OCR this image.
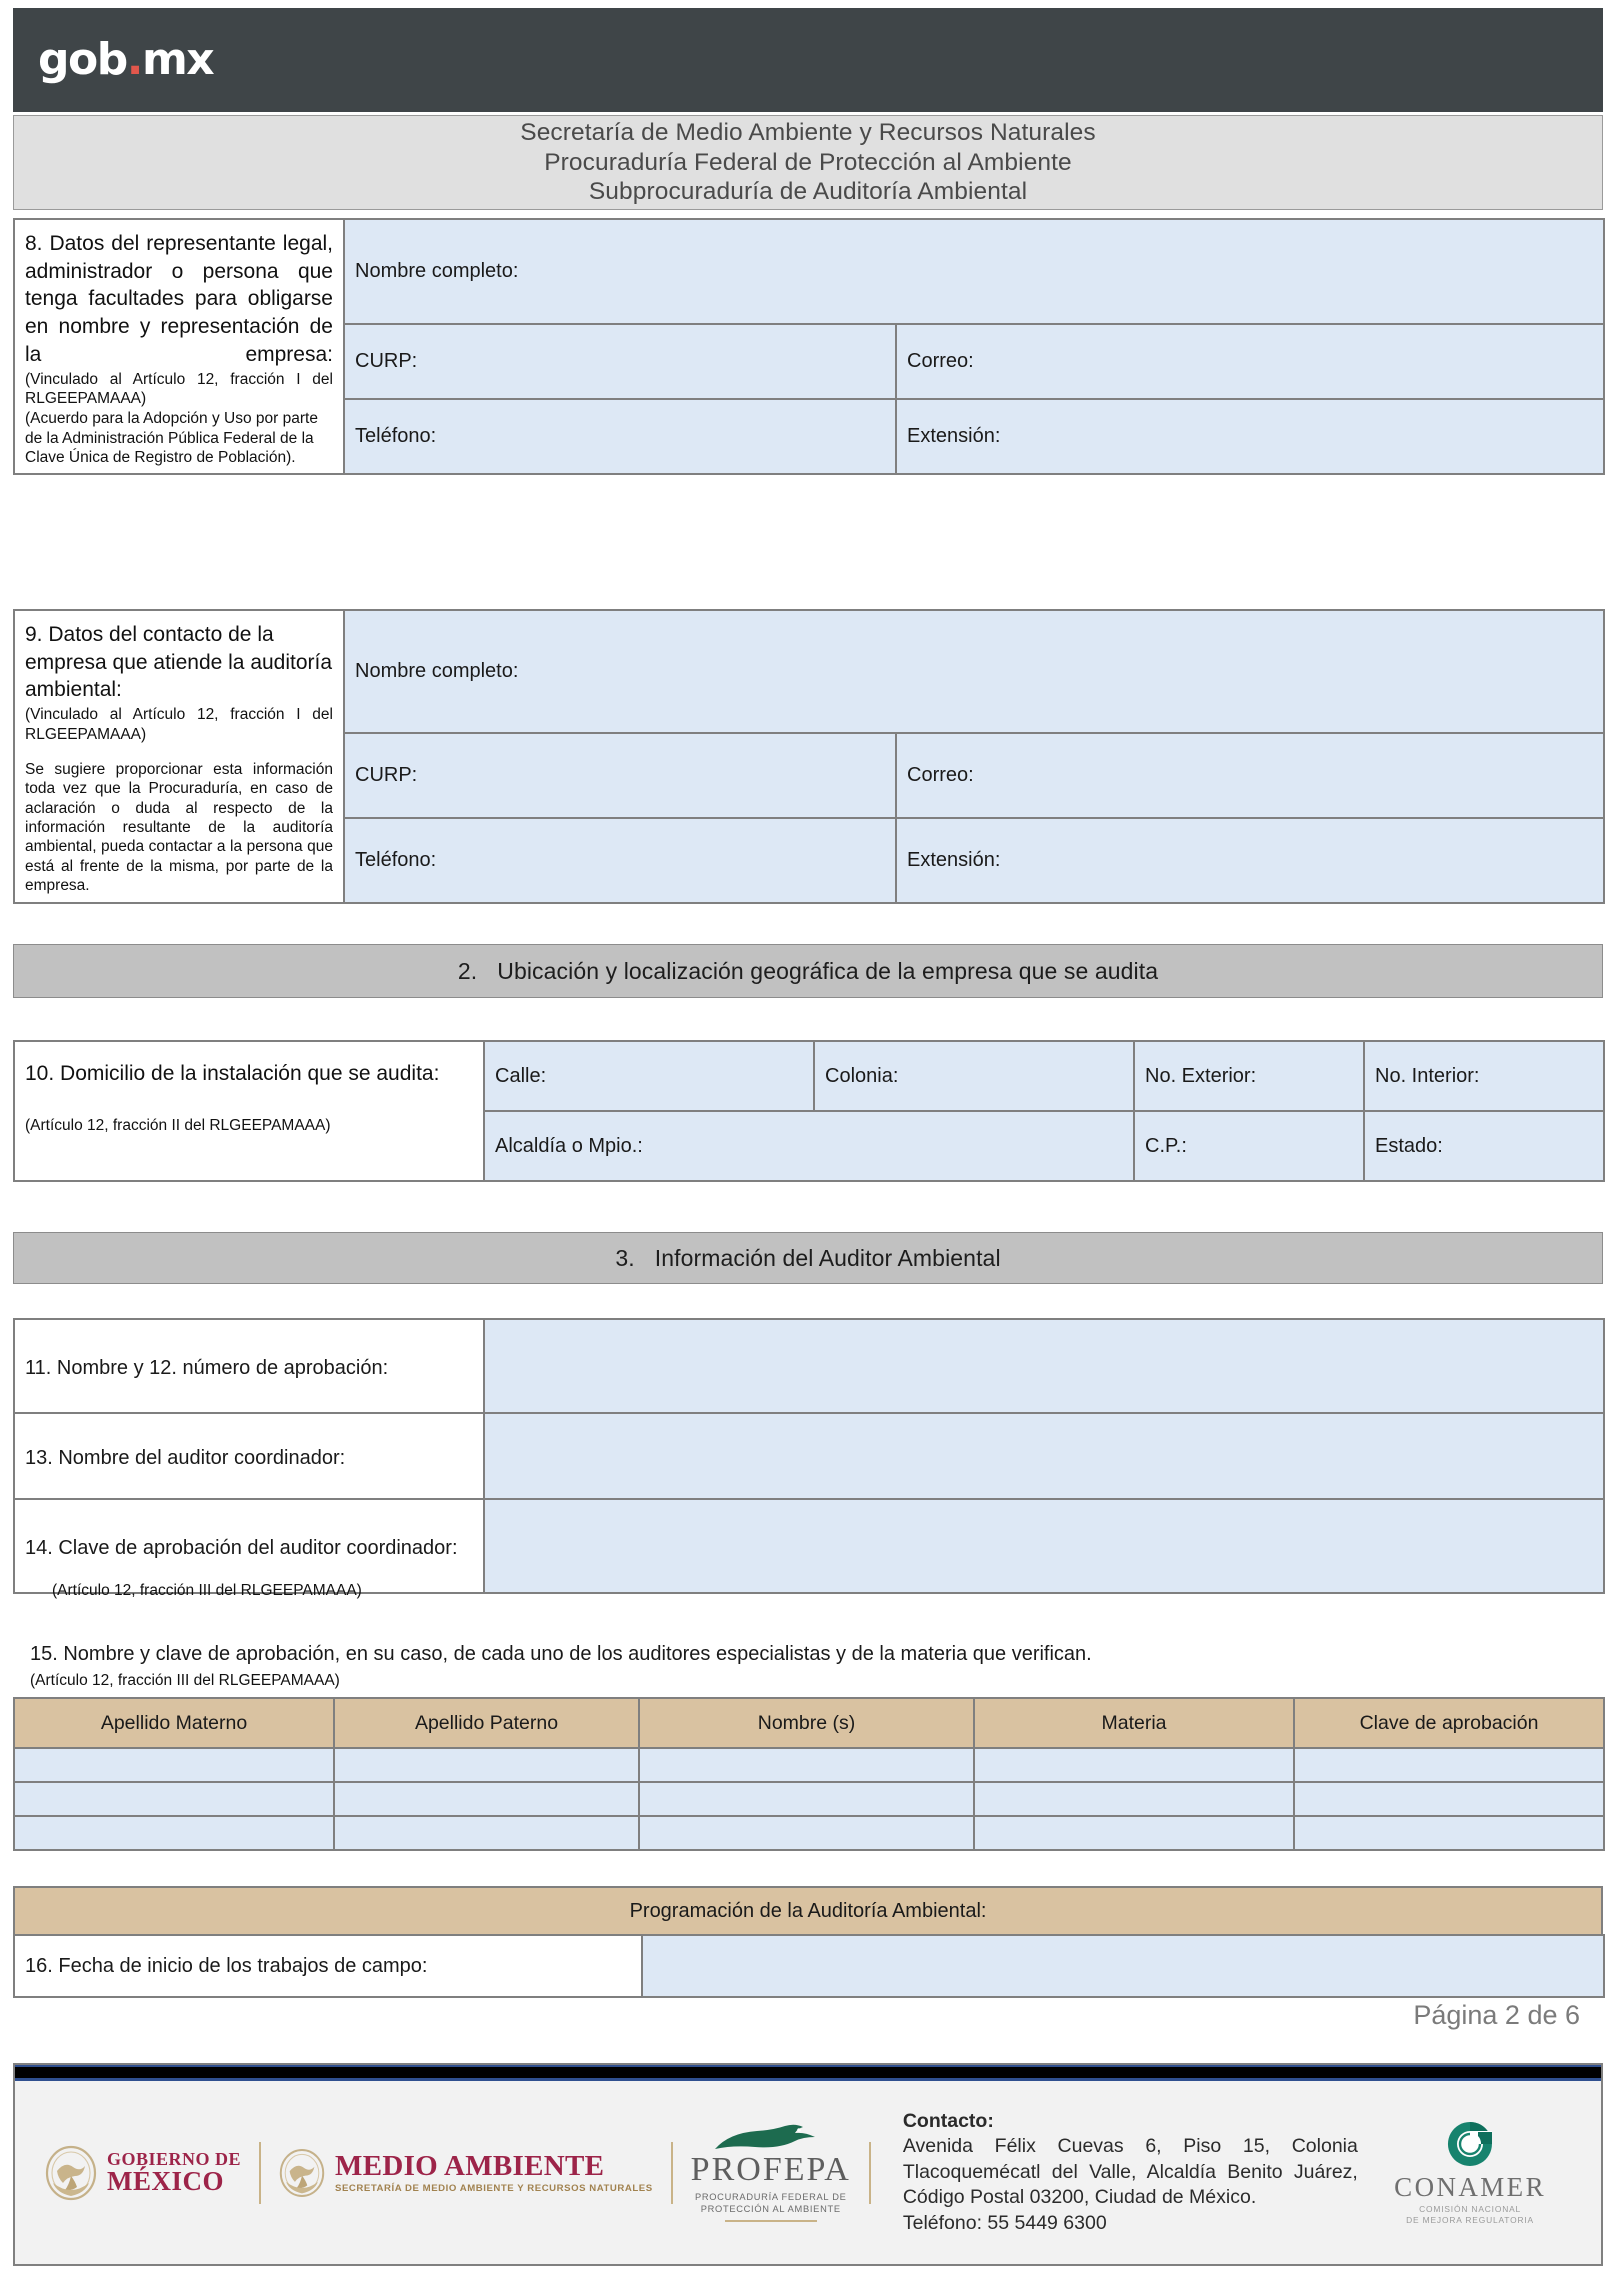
gob.mx
Secretaría de Medio Ambiente y Recursos Naturales
Procuraduría Federal de Protección al Ambiente
Subprocuraduría de Auditoría Ambiental
8. Datos del representante legal, administrador o persona que tenga facultades para obligarse en nombre y representación de la empresa:
(Vinculado al Artículo 12, fracción I del RLGEEPAMAAA)
(Acuerdo para la Adopción y Uso por parte de la Administración Pública Federal de la Clave Única de Registro de Población).	Nombre completo:	
	CURP:	Correo:
	Teléfono:	Extensión:
9. Datos del contacto de la empresa que atiende la auditoría ambiental:
(Vinculado al Artículo 12, fracción I del RLGEEPAMAAA)
Se sugiere proporcionar esta información toda vez que la Procuraduría, en caso de aclaración o duda al respecto de la información resultante de la auditoría ambiental, pueda contactar a la persona que está al frente de la misma, por parte de la empresa.	Nombre completo:	
	CURP:	Correo:
	Teléfono:	Extensión:
2. Ubicación y localización geográfica de la empresa que se audita
10. Domicilio de la instalación que se audita:
(Artículo 12, fracción II del RLGEEPAMAAA)	Calle:	Colonia:	No. Exterior:	No. Interior:
	Alcaldía o Mpio.:		C.P.:	Estado:
3. Información del Auditor Ambiental
11. Nombre y 12. número de aprobación:	

13. Nombre del auditor coordinador:	

14. Clave de aprobación del auditor coordinador:	

(Artículo 12, fracción III del RLGEEPAMAAA)
15. Nombre y clave de aprobación, en su caso, de cada uno de los auditores especialistas y de la materia que verifican.
(Artículo 12, fracción III del RLGEEPAMAAA)
Apellido Materno	Apellido Paterno	Nombre (s)	Materia	Clave de aprobación

Programación de la Auditoría Ambiental:
16. Fecha de inicio de los trabajos de campo:	
Página 2 de 6
GOBIERNO DE
MÉXICO	MEDIO AMBIENTE
SECRETARÍA DE MEDIO AMBIENTE Y RECURSOS NATURALES
PROFEPA
PROCURADURÍA FEDERAL DE
PROTECCIÓN AL AMBIENTE
Contacto:
Avenida Félix Cuevas 6, Piso 15, Colonia Tlacoquemécatl del Valle, Alcaldía Benito Juárez, Código Postal 03200, Ciudad de México.
Teléfono: 55 5449 6300
CONAMER
COMISIÓN NACIONAL
DE MEJORA REGULATORIA
